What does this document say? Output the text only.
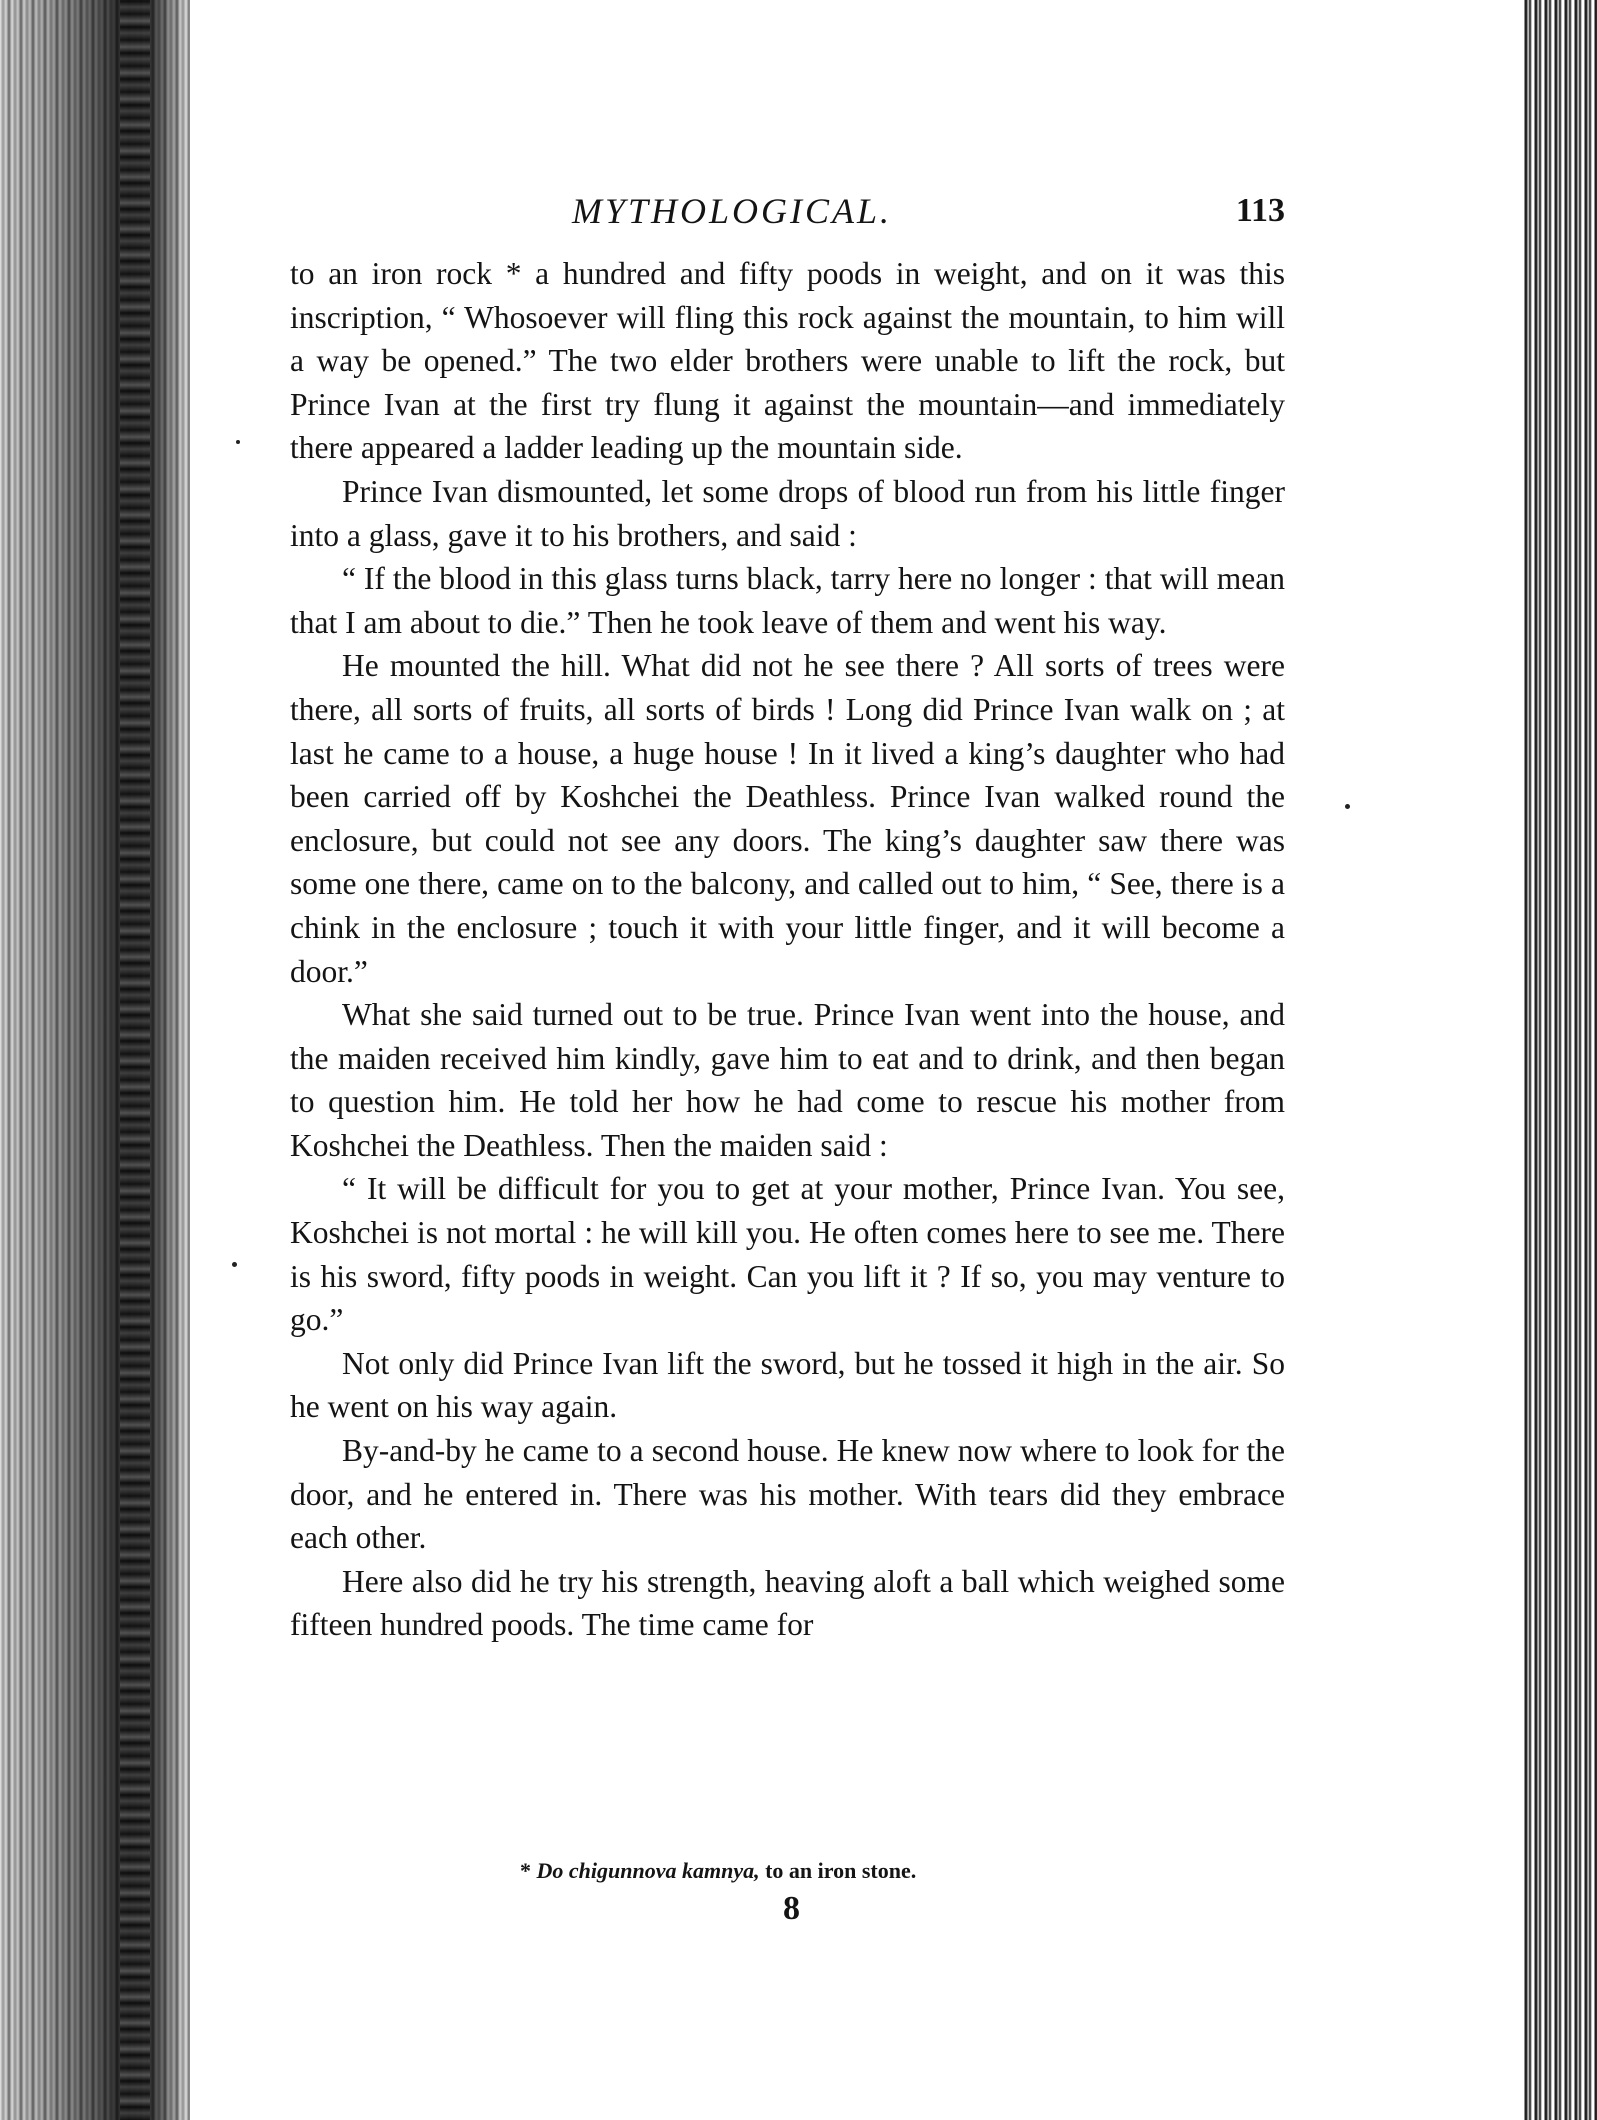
MYTHOLOGICAL.	113

to an iron rock * a hundred and fifty poods in weight, and on it was this inscription, “ Whosoever will fling this rock against the mountain, to him will a way be opened.” The two elder brothers were unable to lift the rock, but Prince Ivan at the first try flung it against the mountain—and immediately there appeared a ladder leading up the mountain side.

Prince Ivan dismounted, let some drops of blood run from his little finger into a glass, gave it to his brothers, and said :

“ If the blood in this glass turns black, tarry here no longer : that will mean that I am about to die.” Then he took leave of them and went his way.

He mounted the hill. What did not he see there ? All sorts of trees were there, all sorts of fruits, all sorts of birds ! Long did Prince Ivan walk on ; at last he came to a house, a huge house ! In it lived a king’s daughter who had been carried off by Koshchei the Deathless. Prince Ivan walked round the enclosure, but could not see any doors. The king’s daughter saw there was some one there, came on to the balcony, and called out to him, “ See, there is a chink in the enclosure ; touch it with your little finger, and it will become a door.”

What she said turned out to be true. Prince Ivan went into the house, and the maiden received him kindly, gave him to eat and to drink, and then began to question him. He told her how he had come to rescue his mother from Koshchei the Deathless. Then the maiden said :

“ It will be difficult for you to get at your mother, Prince Ivan. You see, Koshchei is not mortal : he will kill you. He often comes here to see me. There is his sword, fifty poods in weight. Can you lift it ? If so, you may venture to go.”

Not only did Prince Ivan lift the sword, but he tossed it high in the air. So he went on his way again.

By-and-by he came to a second house. He knew now where to look for the door, and he entered in. There was his mother. With tears did they embrace each other.

Here also did he try his strength, heaving aloft a ball which weighed some fifteen hundred poods. The time came for

* Do chigunnova kamnya, to an iron stone.
8
